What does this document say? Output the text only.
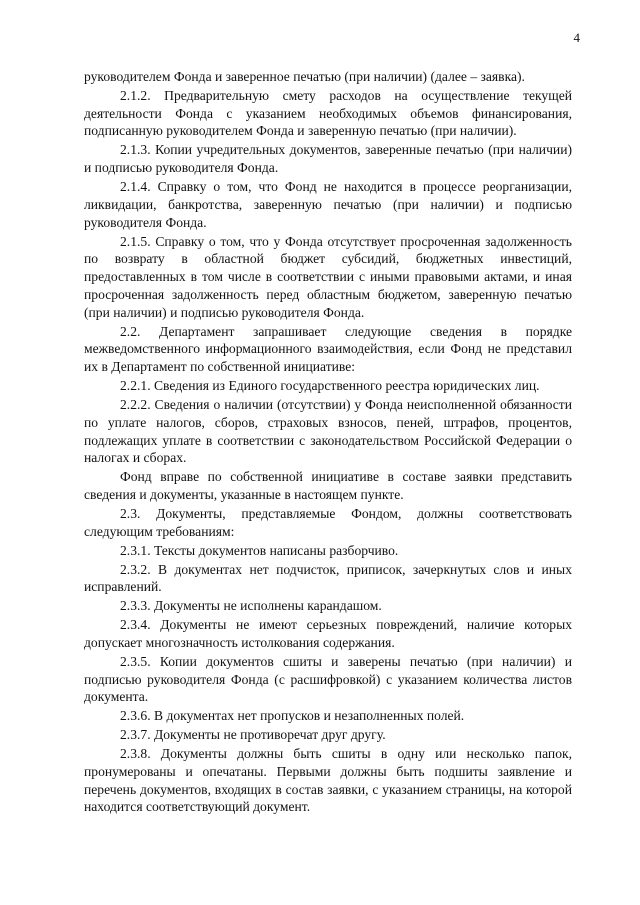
4

руководителем Фонда и заверенное печатью (при наличии) (далее – заявка).

2.1.2. Предварительную смету расходов на осуществление текущей деятельности Фонда с указанием необходимых объемов финансирования, подписанную руководителем Фонда и заверенную печатью (при наличии).

2.1.3. Копии учредительных документов, заверенные печатью (при наличии) и подписью руководителя Фонда.

2.1.4. Справку о том, что Фонд не находится в процессе реорганизации, ликвидации, банкротства, заверенную печатью (при наличии) и подписью руководителя Фонда.

2.1.5. Справку о том, что у Фонда отсутствует просроченная задолженность по возврату в областной бюджет субсидий, бюджетных инвестиций, предоставленных в том числе в соответствии с иными правовыми актами, и иная просроченная задолженность перед областным бюджетом, заверенную печатью (при наличии) и подписью руководителя Фонда.

2.2. Департамент запрашивает следующие сведения в порядке межведомственного информационного взаимодействия, если Фонд не представил их в Департамент по собственной инициативе:

2.2.1. Сведения из Единого государственного реестра юридических лиц.

2.2.2. Сведения о наличии (отсутствии) у Фонда неисполненной обязанности по уплате налогов, сборов, страховых взносов, пеней, штрафов, процентов, подлежащих уплате в соответствии с законодательством Российской Федерации о налогах и сборах.

Фонд вправе по собственной инициативе в составе заявки представить сведения и документы, указанные в настоящем пункте.

2.3. Документы, представляемые Фондом, должны соответствовать следующим требованиям:

2.3.1. Тексты документов написаны разборчиво.

2.3.2. В документах нет подчисток, приписок, зачеркнутых слов и иных исправлений.

2.3.3. Документы не исполнены карандашом.

2.3.4. Документы не имеют серьезных повреждений, наличие которых допускает многозначность истолкования содержания.

2.3.5. Копии документов сшиты и заверены печатью (при наличии) и подписью руководителя Фонда (с расшифровкой) с указанием количества листов документа.

2.3.6. В документах нет пропусков и незаполненных полей.

2.3.7. Документы не противоречат друг другу.

2.3.8. Документы должны быть сшиты в одну или несколько папок, пронумерованы и опечатаны. Первыми должны быть подшиты заявление и перечень документов, входящих в состав заявки, с указанием страницы, на которой находится соответствующий документ.
